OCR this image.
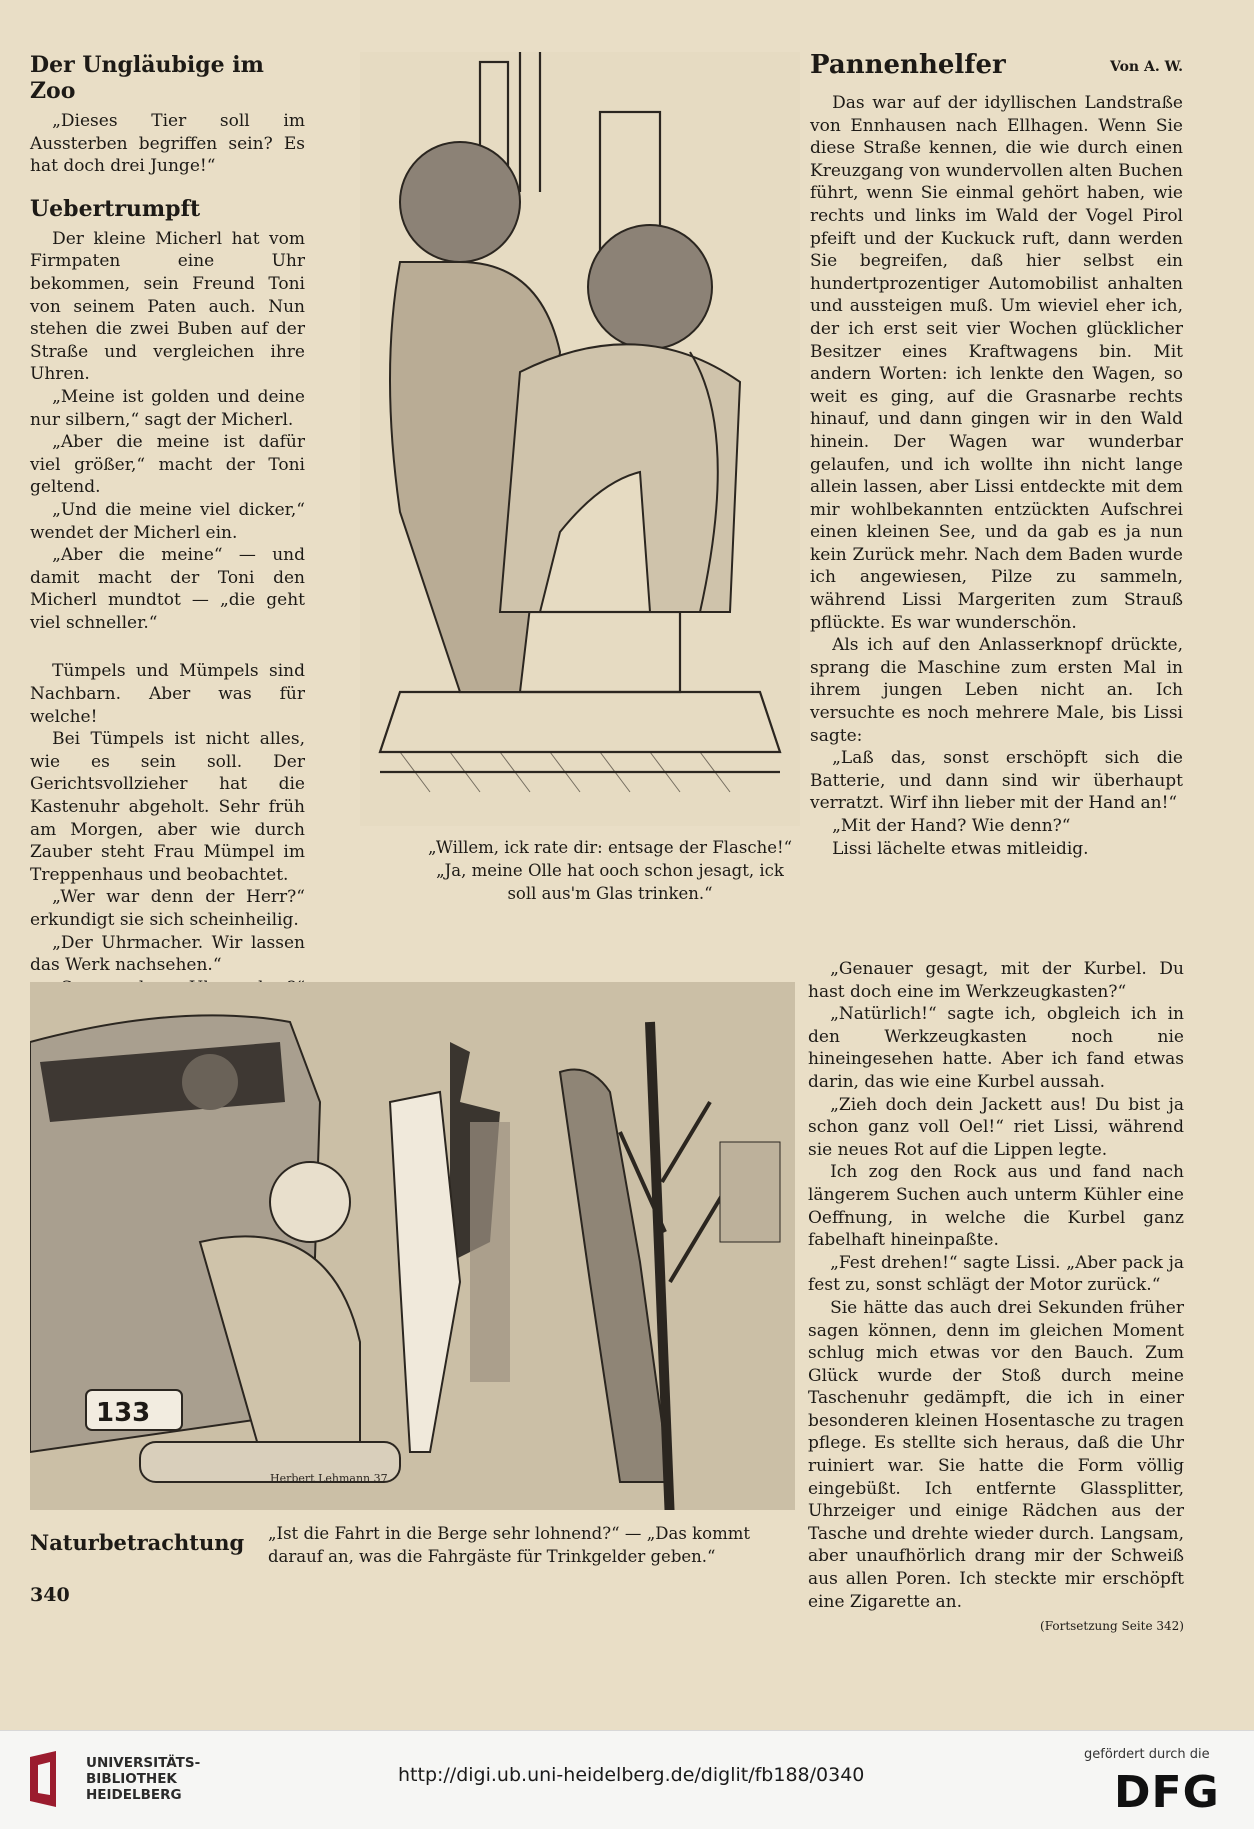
Der Ungläubige im Zoo

„Dieses Tier soll im Aussterben begriffen sein? Es hat doch drei Junge!“

Uebertrumpft

Der kleine Micherl hat vom Firmpaten eine Uhr bekommen, sein Freund Toni von seinem Paten auch. Nun stehen die zwei Buben auf der Straße und vergleichen ihre Uhren.

„Meine ist golden und deine nur silbern,“ sagt der Micherl.

„Aber die meine ist dafür viel größer,“ macht der Toni geltend.

„Und die meine viel dicker,“ wendet der Micherl ein.

„Aber die meine“ — und damit macht der Toni den Micherl mundtot — „die geht viel schneller.“

Tümpels und Mümpels sind Nachbarn. Aber was für welche!

Bei Tümpels ist nicht alles, wie es sein soll. Der Gerichtsvollzieher hat die Kastenuhr abgeholt. Sehr früh am Morgen, aber wie durch Zauber steht Frau Mümpel im Treppenhaus und beobachtet.

„Wer war denn der Herr?“ erkundigt sie sich scheinheilig.

„Der Uhrmacher. Wir lassen das Werk nachsehen.“

„Willem, ick rate dir: entsage der Flasche!“
„Ja, meine Olle hat ooch schon jesagt, ick soll aus'm Glas trinken.“
Von A. W.
Pannenhelfer

Das war auf der idyllischen Landstraße von Ennhausen nach Ellhagen. Wenn Sie diese Straße kennen, die wie durch einen Kreuzgang von wundervollen alten Buchen führt, wenn Sie einmal gehört haben, wie rechts und links im Wald der Vogel Pirol pfeift und der Kuckuck ruft, dann werden Sie begreifen, daß hier selbst ein hundertprozentiger Automobilist anhalten und aussteigen muß. Um wieviel eher ich, der ich erst seit vier Wochen glücklicher Besitzer eines Kraftwagens bin. Mit andern Worten: ich lenkte den Wagen, so weit es ging, auf die Grasnarbe rechts hinauf, und dann gingen wir in den Wald hinein. Der Wagen war wunderbar gelaufen, und ich wollte ihn nicht lange allein lassen, aber Lissi entdeckte mit dem mir wohlbekannten entzückten Aufschrei einen kleinen See, und da gab es ja nun kein Zurück mehr. Nach dem Baden wurde ich angewiesen, Pilze zu sammeln, während Lissi Margeriten zum Strauß pflückte. Es war wunderschön.

Als ich auf den Anlasserknopf drückte, sprang die Maschine zum ersten Mal in ihrem jungen Leben nicht an. Ich versuchte es noch mehrere Male, bis Lissi sagte:

„Laß das, sonst erschöpft sich die Batterie, und dann sind wir überhaupt verratzt. Wirf ihn lieber mit der Hand an!“

„Mit der Hand? Wie denn?“

Lissi lächelte etwas mitleidig.

„Genauer gesagt, mit der Kurbel. Du hast doch eine im Werkzeugkasten?“

„Natürlich!“ sagte ich, obgleich ich in den Werkzeugkasten noch nie hineingesehen hatte. Aber ich fand etwas darin, das wie eine Kurbel aussah.

„Zieh doch dein Jackett aus! Du bist ja schon ganz voll Oel!“ riet Lissi, während sie neues Rot auf die Lippen legte.

Ich zog den Rock aus und fand nach längerem Suchen auch unterm Kühler eine Oeffnung, in welche die Kurbel ganz fabelhaft hineinpaßte.

„Fest drehen!“ sagte Lissi. „Aber pack ja fest zu, sonst schlägt der Motor zurück.“

Sie hätte das auch drei Sekunden früher sagen können, denn im gleichen Moment schlug mich etwas vor den Bauch. Zum Glück wurde der Stoß durch meine Taschenuhr gedämpft, die ich in einer besonderen kleinen Hosentasche zu tragen pflege. Es stellte sich heraus, daß die Uhr ruiniert war. Sie hatte die Form völlig eingebüßt. Ich entfernte Glassplitter, Uhrzeiger und einige Rädchen aus der Tasche und drehte wieder durch. Langsam, aber unaufhörlich drang mir der Schweiß aus allen Poren. Ich steckte mir erschöpft eine Zigarette an.

(Fortsetzung Seite 342)
133
Herbert Lehmann 37
Naturbetrachtung „Ist die Fahrt in die Berge sehr lohnend?“ — „Das kommt darauf an, was die Fahrgäste für Trinkgelder geben.“
340
UNIVERSITÄTS-
BIBLIOTHEK
HEIDELBERG
http://digi.ub.uni-heidelberg.de/diglit/fb188/0340
gefördert durch die
DFG
